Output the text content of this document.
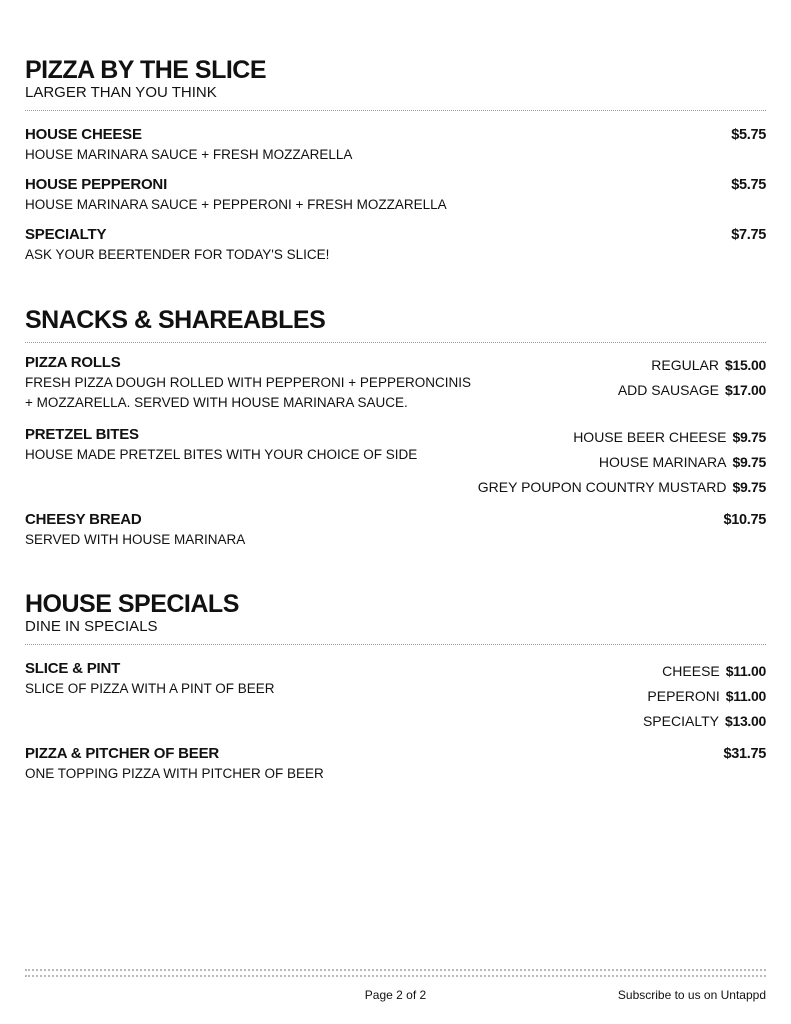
PIZZA BY THE SLICE
LARGER THAN YOU THINK
HOUSE CHEESE
HOUSE MARINARA SAUCE + FRESH MOZZARELLA
$5.75
HOUSE PEPPERONI
HOUSE MARINARA SAUCE + PEPPERONI + FRESH MOZZARELLA
$5.75
SPECIALTY
ASK YOUR BEERTENDER FOR TODAY'S SLICE!
$7.75
SNACKS & SHAREABLES
PIZZA ROLLS
FRESH PIZZA DOUGH ROLLED WITH PEPPERONI + PEPPERONCINIS + MOZZARELLA. SERVED WITH HOUSE MARINARA SAUCE.
REGULAR $15.00
ADD SAUSAGE $17.00
PRETZEL BITES
HOUSE MADE PRETZEL BITES WITH YOUR CHOICE OF SIDE
HOUSE BEER CHEESE $9.75
HOUSE MARINARA $9.75
GREY POUPON COUNTRY MUSTARD $9.75
CHEESY BREAD
SERVED WITH HOUSE MARINARA
$10.75
HOUSE SPECIALS
DINE IN SPECIALS
SLICE & PINT
SLICE OF PIZZA WITH A PINT OF BEER
CHEESE $11.00
PEPERONI $11.00
SPECIALTY $13.00
PIZZA & PITCHER OF BEER
ONE TOPPING PIZZA WITH PITCHER OF BEER
$31.75
Page 2 of 2	Subscribe to us on Untappd
